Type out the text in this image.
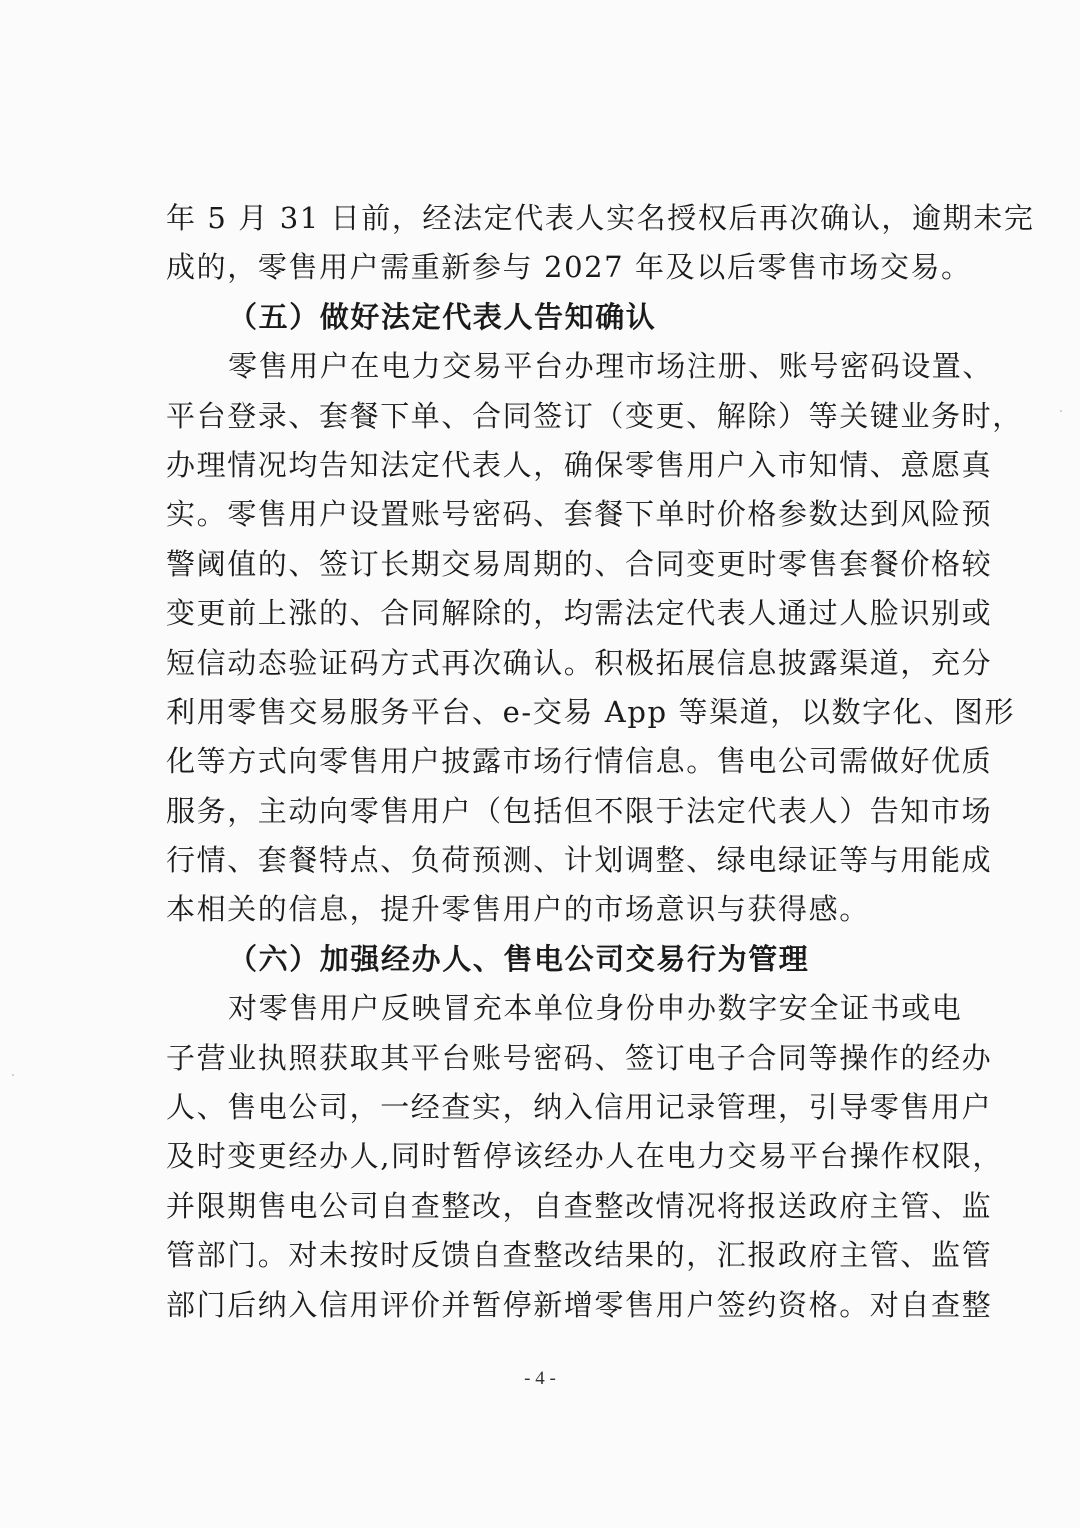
年 5 月 31 日前，经法定代表人实名授权后再次确认，逾期未完
成的，零售用户需重新参与 2027 年及以后零售市场交易。
（五）做好法定代表人告知确认
零售用户在电力交易平台办理市场注册、账号密码设置、
平台登录、套餐下单、合同签订（变更、解除）等关键业务时，
办理情况均告知法定代表人，确保零售用户入市知情、意愿真
实。零售用户设置账号密码、套餐下单时价格参数达到风险预
警阈值的、签订长期交易周期的、合同变更时零售套餐价格较
变更前上涨的、合同解除的，均需法定代表人通过人脸识别或
短信动态验证码方式再次确认。积极拓展信息披露渠道，充分
利用零售交易服务平台、e-交易 App 等渠道，以数字化、图形
化等方式向零售用户披露市场行情信息。售电公司需做好优质
服务，主动向零售用户（包括但不限于法定代表人）告知市场
行情、套餐特点、负荷预测、计划调整、绿电绿证等与用能成
本相关的信息，提升零售用户的市场意识与获得感。
（六）加强经办人、售电公司交易行为管理
对零售用户反映冒充本单位身份申办数字安全证书或电
子营业执照获取其平台账号密码、签订电子合同等操作的经办
人、售电公司，一经查实，纳入信用记录管理，引导零售用户
及时变更经办人,同时暂停该经办人在电力交易平台操作权限，
并限期售电公司自查整改，自查整改情况将报送政府主管、监
管部门。对未按时反馈自查整改结果的，汇报政府主管、监管
部门后纳入信用评价并暂停新增零售用户签约资格。对自查整
- 4 -
